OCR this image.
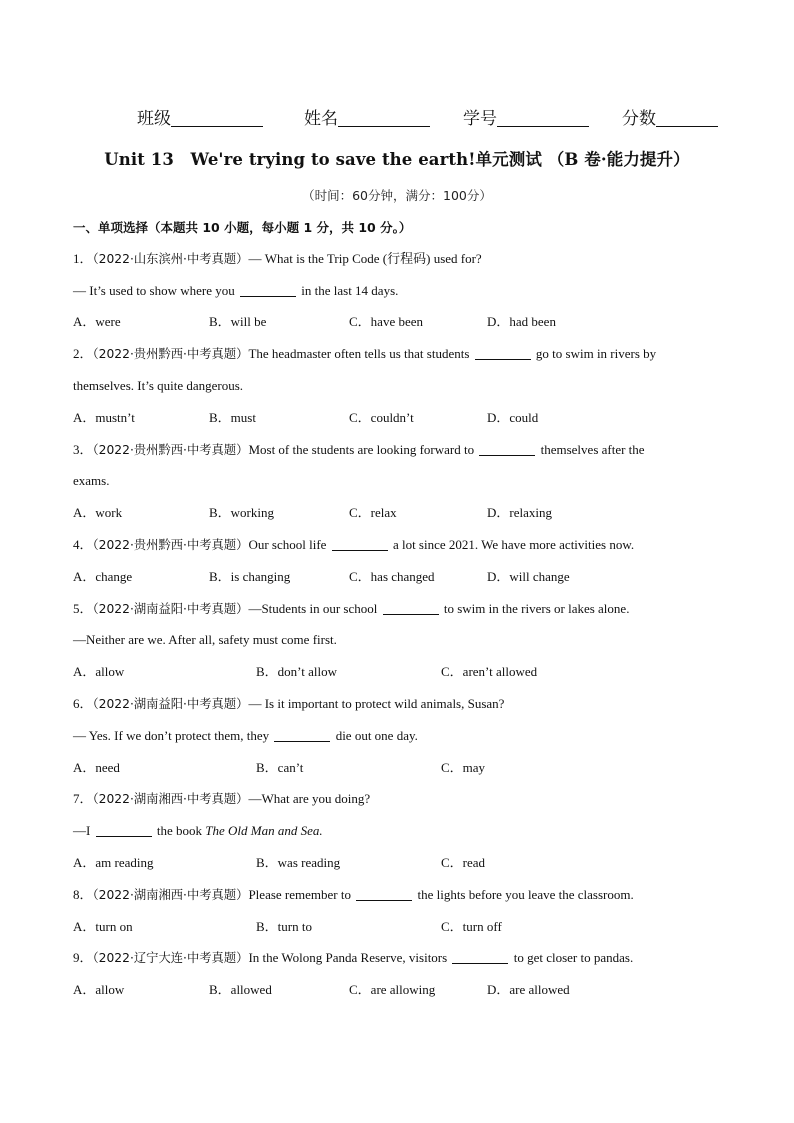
班级	姓名	学号	分数
Unit 13　We're trying to save the earth!单元测试 （B 卷·能力提升）
（时间：60分钟，满分：100分）
一、单项选择（本题共 10 小题，每小题 1 分，共 10 分。）
1．（2022·山东滨州·中考真题）— What is the Trip Code (行程码) used for?
— It’s used to show where you	in the last 14 days.
A．were	B．will be	C．have been	D．had been
2．（2022·贵州黔西·中考真题）The headmaster often tells us that students	go to swim in rivers by
themselves. It’s quite dangerous.
A．mustn’t	B．must	C．couldn’t	D．could
3．（2022·贵州黔西·中考真题）Most of the students are looking forward to	themselves after the
exams.
A．work	B．working	C．relax	D．relaxing
4．（2022·贵州黔西·中考真题）Our school life	a lot since 2021. We have more activities now.
A．change	B．is changing	C．has changed	D．will change
5．（2022·湖南益阳·中考真题）—Students in our school	to swim in the rivers or lakes alone.
—Neither are we. After all, safety must come first.
A．allow	B．don’t allow	C．aren’t allowed
6．（2022·湖南益阳·中考真题）— Is it important to protect wild animals, Susan?
— Yes. If we don’t protect them, they	die out one day.
A．need	B．can’t	C．may
7．（2022·湖南湘西·中考真题）—What are you doing?
—I	the book The Old Man and Sea.
A．am reading	B．was reading	C．read
8．（2022·湖南湘西·中考真题）Please remember to	the lights before you leave the classroom.
A．turn on	B．turn to	C．turn off
9．（2022·辽宁大连·中考真题）In the Wolong Panda Reserve, visitors	to get closer to pandas.
A．allow	B．allowed	C．are allowing	D．are allowed
